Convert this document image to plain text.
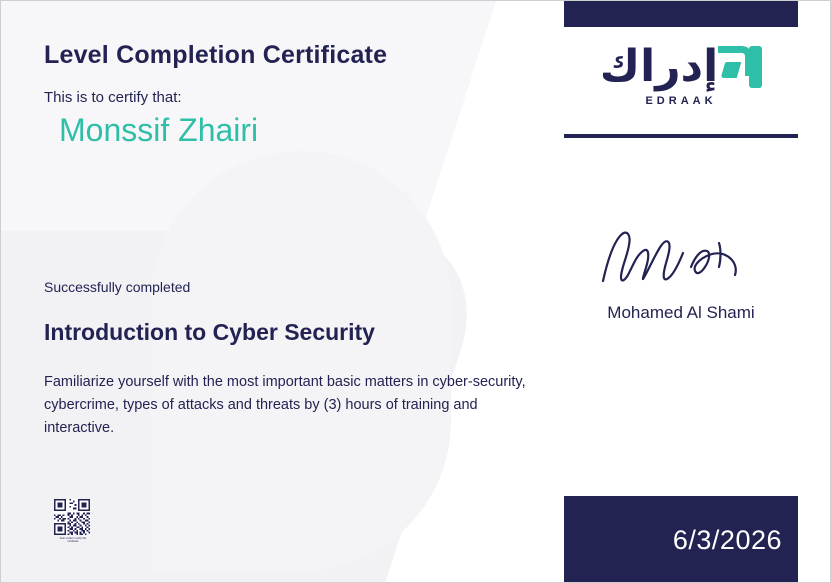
Level Completion Certificate
This is to certify that:
Monssif Zhairi
Successfully completed
Introduction to Cyber Security
Familiarize yourself with the most important basic matters in cyber-security, cybercrime, types of attacks and threats by (3) hours of training and interactive.
Scan code to verify this certificate
إدراك
EDRAAK
Mohamed Al Shami
6/3/2026
